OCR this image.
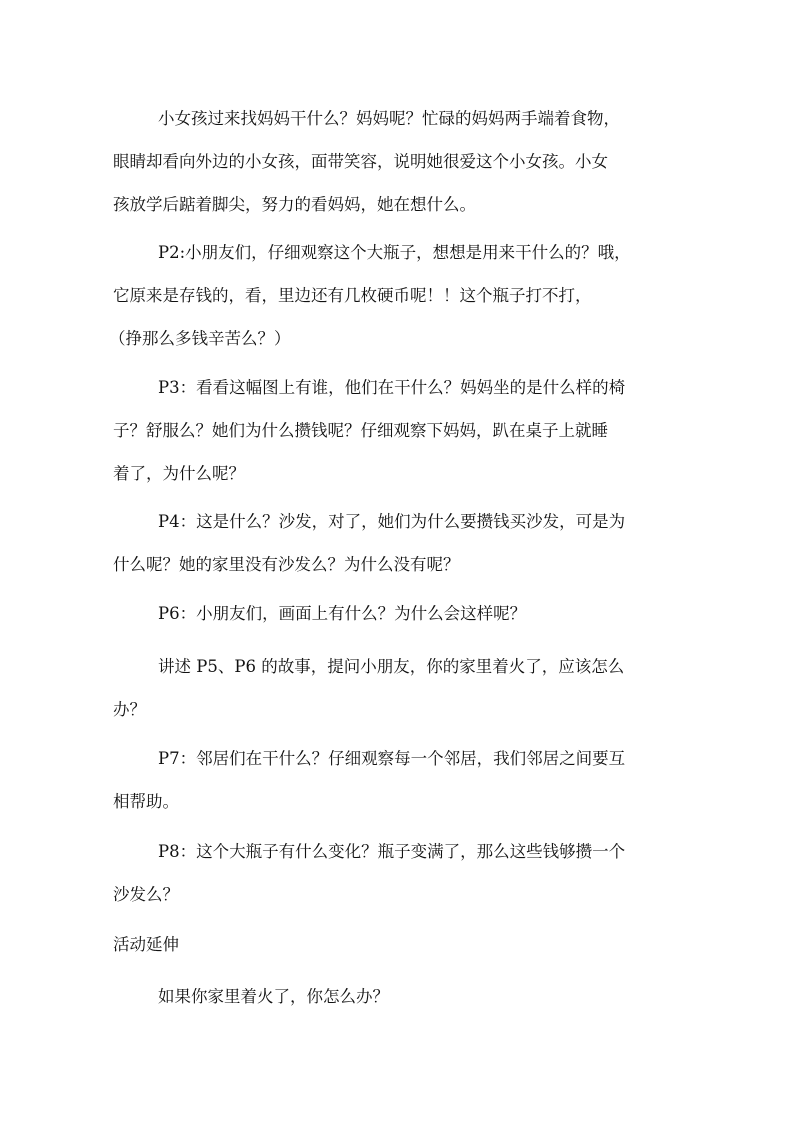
小女孩过来找妈妈干什么？妈妈呢？忙碌的妈妈两手端着食物，
眼睛却看向外边的小女孩，面带笑容，说明她很爱这个小女孩。小女
孩放学后踮着脚尖，努力的看妈妈，她在想什么。
P2:小朋友们，仔细观察这个大瓶子，想想是用来干什么的？哦，
它原来是存钱的，看，里边还有几枚硬币呢！！这个瓶子打不打，
（挣那么多钱辛苦么？）
P3：看看这幅图上有谁，他们在干什么？妈妈坐的是什么样的椅
子？舒服么？她们为什么攒钱呢？仔细观察下妈妈，趴在桌子上就睡
着了，为什么呢？
P4：这是什么？沙发，对了，她们为什么要攒钱买沙发，可是为
什么呢？她的家里没有沙发么？为什么没有呢？
P6：小朋友们，画面上有什么？为什么会这样呢？
讲述 P5、P6 的故事，提问小朋友，你的家里着火了，应该怎么
办？
P7：邻居们在干什么？仔细观察每一个邻居，我们邻居之间要互
相帮助。
P8：这个大瓶子有什么变化？瓶子变满了，那么这些钱够攒一个
沙发么？
活动延伸
如果你家里着火了，你怎么办？
